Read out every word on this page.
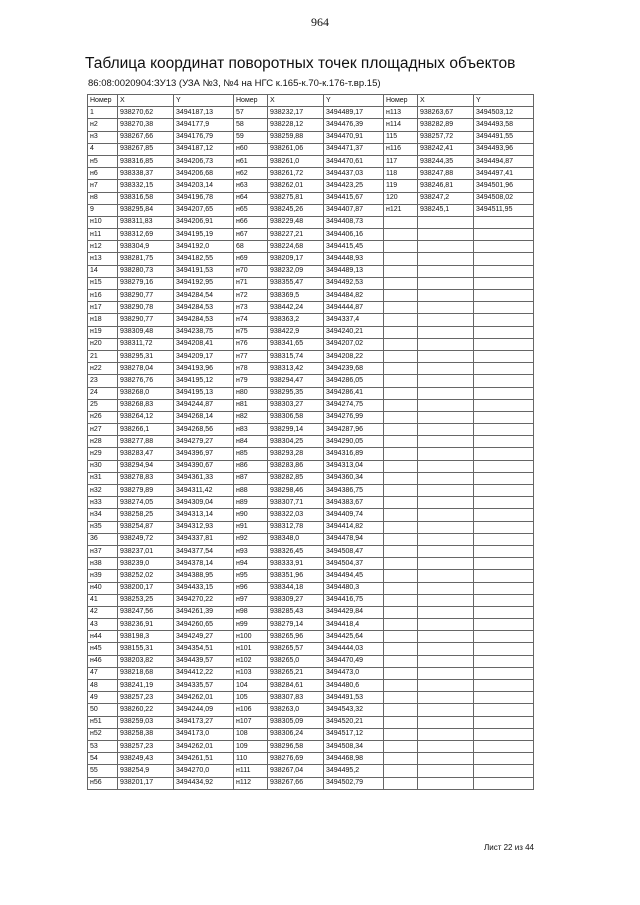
964
Таблица координат поворотных точек площадных объектов
86:08:0020904:ЗУ13 (УЗА №3, №4 на НГС к.165-к.70-к.176-т.вр.15)
Номер	X	Y	Номер	X	Y	Номер	X	Y
1	938270,62	3494187,13	57	938232,17	3494489,17	н113	938263,67	3494503,12
н2	938270,38	3494177,9	58	938228,12	3494476,39	н114	938282,89	3494493,58
н3	938267,66	3494176,79	59	938259,88	3494470,91	115	938257,72	3494491,55
4	938267,85	3494187,12	н60	938261,06	3494471,37	н116	938242,41	3494493,96
н5	938316,85	3494206,73	н61	938261,0	3494470,61	117	938244,35	3494494,87
н6	938338,37	3494206,68	н62	938261,72	3494437,03	118	938247,88	3494497,41
н7	938332,15	3494203,14	н63	938262,01	3494423,25	119	938246,81	3494501,96
н8	938316,58	3494196,78	н64	938275,81	3494415,67	120	938247,2	3494508,02
9	938295,84	3494207,65	н65	938245,26	3494407,87	н121	938245,1	3494511,95
н10	938311,83	3494206,91	н66	938229,48	3494408,73			
н11	938312,69	3494195,19	н67	938227,21	3494406,16			
н12	938304,9	3494192,0	68	938224,68	3494415,45			
н13	938281,75	3494182,55	н69	938209,17	3494448,93			
14	938280,73	3494191,53	н70	938232,09	3494489,13			
н15	938279,16	3494192,95	н71	938355,47	3494492,53			
н16	938290,77	3494284,54	н72	938369,5	3494484,82			
н17	938290,78	3494284,53	н73	938442,24	3494444,87			
н18	938290,77	3494284,53	н74	938363,2	3494337,4			
н19	938309,48	3494238,75	н75	938422,9	3494240,21			
н20	938311,72	3494208,41	н76	938341,65	3494207,02			
21	938295,31	3494209,17	н77	938315,74	3494208,22			
н22	938278,04	3494193,96	н78	938313,42	3494239,68			
23	938276,76	3494195,12	н79	938294,47	3494286,05			
24	938268,0	3494195,13	н80	938295,35	3494286,41			
25	938268,83	3494244,87	н81	938303,27	3494274,75			
н26	938264,12	3494268,14	н82	938306,58	3494276,99			
н27	938266,1	3494268,56	н83	938299,14	3494287,96			
н28	938277,88	3494279,27	н84	938304,25	3494290,05			
н29	938283,47	3494396,97	н85	938293,28	3494316,89			
н30	938294,94	3494390,67	н86	938283,86	3494313,04			
н31	938278,83	3494361,33	н87	938282,85	3494360,34			
н32	938279,89	3494311,42	н88	938298,46	3494386,75			
н33	938274,05	3494309,04	н89	938307,71	3494383,67			
н34	938258,25	3494313,14	н90	938322,03	3494409,74			
н35	938254,87	3494312,93	н91	938312,78	3494414,82			
36	938249,72	3494337,81	н92	938348,0	3494478,94			
н37	938237,01	3494377,54	н93	938326,45	3494508,47			
н38	938239,0	3494378,14	н94	938333,91	3494504,37			
н39	938252,02	3494388,95	н95	938351,96	3494494,45			
н40	938200,17	3494433,15	н96	938344,18	3494480,3			
41	938253,25	3494270,22	н97	938309,27	3494416,75			
42	938247,56	3494261,39	н98	938285,43	3494429,84			
43	938236,91	3494260,65	н99	938279,14	3494418,4			
н44	938198,3	3494249,27	н100	938265,96	3494425,64			
н45	938155,31	3494354,51	н101	938265,57	3494444,03			
н46	938203,82	3494439,57	н102	938265,0	3494470,49			
47	938218,68	3494412,22	н103	938265,21	3494473,0			
48	938241,19	3494335,57	104	938284,61	3494480,6			
49	938257,23	3494262,01	105	938307,83	3494491,53			
50	938260,22	3494244,09	н106	938263,0	3494543,32			
н51	938259,03	3494173,27	н107	938305,09	3494520,21			
н52	938258,38	3494173,0	108	938306,24	3494517,12			
53	938257,23	3494262,01	109	938296,58	3494508,34			
54	938249,43	3494261,51	110	938276,69	3494468,98			
55	938254,9	3494270,0	н111	938267,04	3494495,2			
н56	938201,17	3494434,92	н112	938267,66	3494502,79			
Лист 22 из 44
